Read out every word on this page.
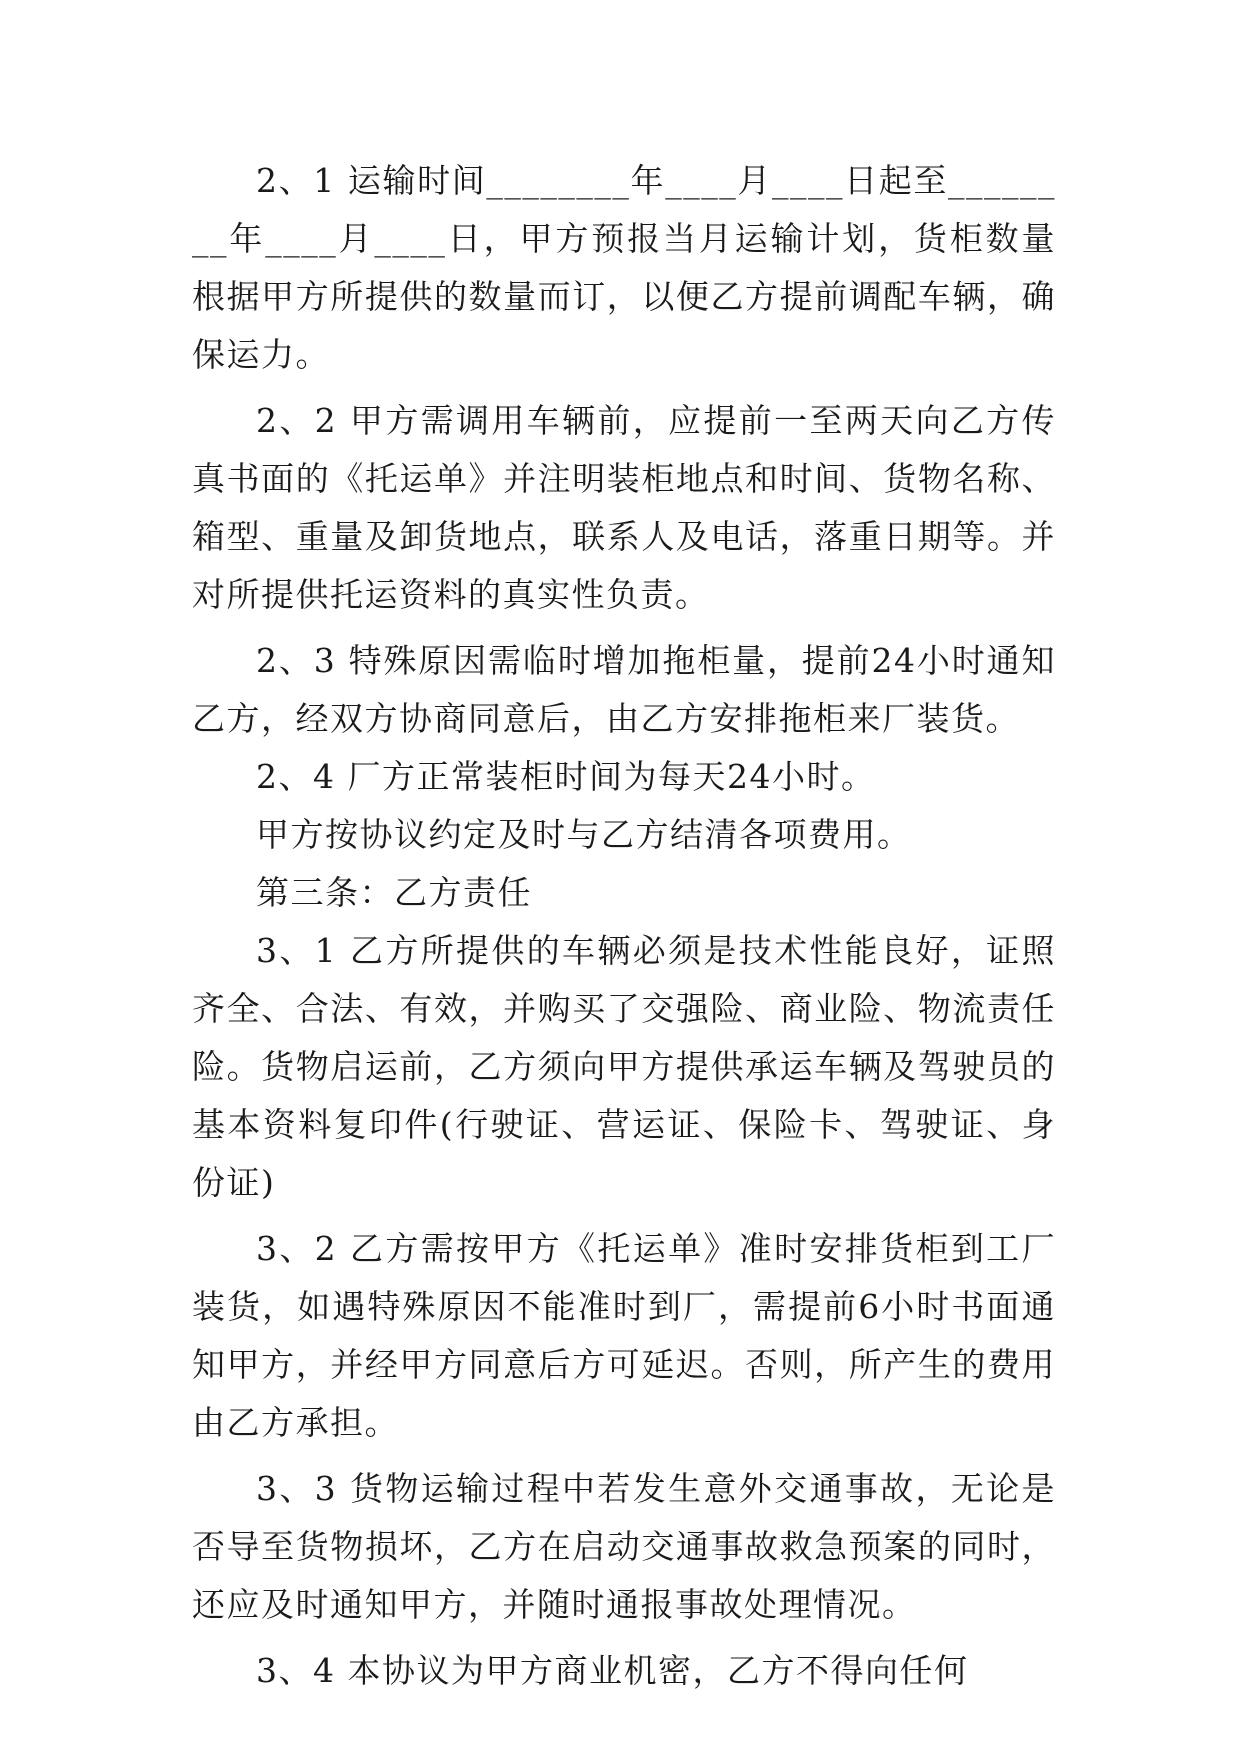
2、1 运输时间________年____月____日起至________年____月____日，甲方预报当月运输计划，货柜数量根据甲方所提供的数量而订，以便乙方提前调配车辆，确保运力。

2、2 甲方需调用车辆前，应提前一至两天向乙方传真书面的《托运单》并注明装柜地点和时间、货物名称、箱型、重量及卸货地点，联系人及电话，落重日期等。并对所提供托运资料的真实性负责。

2、3 特殊原因需临时增加拖柜量，提前24小时通知乙方，经双方协商同意后，由乙方安排拖柜来厂装货。

2、4 厂方正常装柜时间为每天24小时。

甲方按协议约定及时与乙方结清各项费用。

第三条：乙方责任

3、1 乙方所提供的车辆必须是技术性能良好，证照齐全、合法、有效，并购买了交强险、商业险、物流责任险。货物启运前，乙方须向甲方提供承运车辆及驾驶员的基本资料复印件(行驶证、营运证、保险卡、驾驶证、身份证)

3、2 乙方需按甲方《托运单》准时安排货柜到工厂装货，如遇特殊原因不能准时到厂，需提前6小时书面通知甲方，并经甲方同意后方可延迟。否则，所产生的费用由乙方承担。

3、3 货物运输过程中若发生意外交通事故，无论是否导至货物损坏，乙方在启动交通事故救急预案的同时，还应及时通知甲方，并随时通报事故处理情况。

3、4 本协议为甲方商业机密，乙方不得向任何
